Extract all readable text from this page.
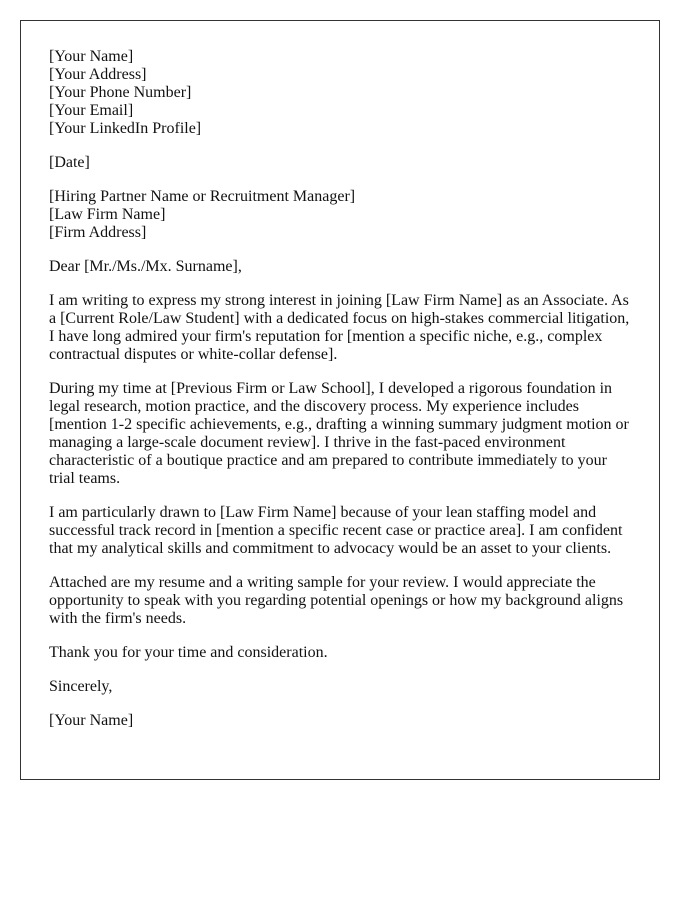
[Your Name]
[Your Address]
[Your Phone Number]
[Your Email]
[Your LinkedIn Profile]
[Date]
[Hiring Partner Name or Recruitment Manager]
[Law Firm Name]
[Firm Address]
Dear [Mr./Ms./Mx. Surname],
I am writing to express my strong interest in joining [Law Firm Name] as an Associate. As
a [Current Role/Law Student] with a dedicated focus on high-stakes commercial litigation,
I have long admired your firm's reputation for [mention a specific niche, e.g., complex
contractual disputes or white-collar defense].
During my time at [Previous Firm or Law School], I developed a rigorous foundation in
legal research, motion practice, and the discovery process. My experience includes
[mention 1-2 specific achievements, e.g., drafting a winning summary judgment motion or
managing a large-scale document review]. I thrive in the fast-paced environment
characteristic of a boutique practice and am prepared to contribute immediately to your
trial teams.
I am particularly drawn to [Law Firm Name] because of your lean staffing model and
successful track record in [mention a specific recent case or practice area]. I am confident
that my analytical skills and commitment to advocacy would be an asset to your clients.
Attached are my resume and a writing sample for your review. I would appreciate the
opportunity to speak with you regarding potential openings or how my background aligns
with the firm's needs.
Thank you for your time and consideration.
Sincerely,
[Your Name]
